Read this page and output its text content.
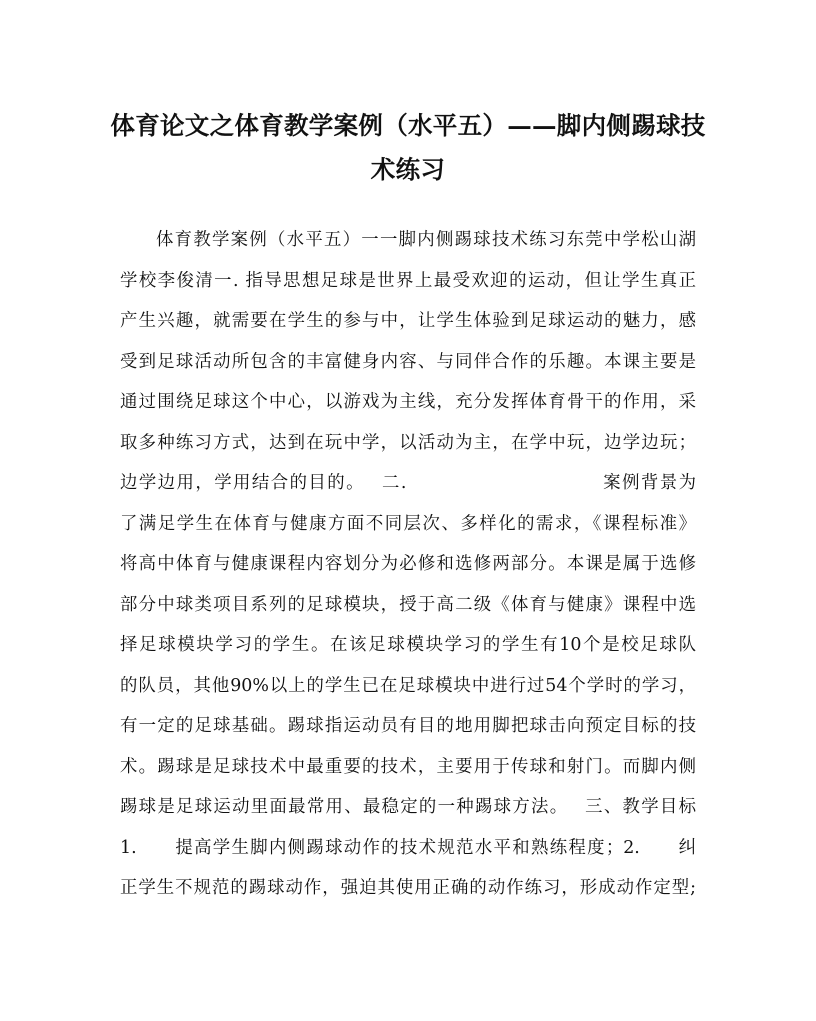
体育论文之体育教学案例（水平五）——脚内侧踢球技
术练习
体育教学案例（水平五）一一脚内侧踢球技术练习东莞中学松山湖
学校李俊清一. 指导思想足球是世界上最受欢迎的运动，但让学生真正
产生兴趣，就需要在学生的参与中，让学生体验到足球运动的魅力，感
受到足球活动所包含的丰富健身内容、与同伴合作的乐趣。本课主要是
通过围绕足球这个中心，以游戏为主线，充分发挥体育骨干的作用，采
取多种练习方式，达到在玩中学，以活动为主，在学中玩，边学边玩；
边学边用，学用结合的目的。　 二.　　　　　　　　　　 案例背景为
了满足学生在体育与健康方面不同层次、多样化的需求，《课程标准》
将高中体育与健康课程内容划分为必修和选修两部分。本课是属于选修
部分中球类项目系列的足球模块，授于高二级《体育与健康》课程中选
择足球模块学习的学生。在该足球模块学习的学生有10个是校足球队
的队员，其他90%以上的学生已在足球模块中进行过54个学时的学习，
有一定的足球基础。踢球指运动员有目的地用脚把球击向预定目标的技
术。踢球是足球技术中最重要的技术，主要用于传球和射门。而脚内侧
踢球是足球运动里面最常用、最稳定的一种踢球方法。　 三、教学目标
1.　　提高学生脚内侧踢球动作的技术规范水平和熟练程度；2.　　纠
正学生不规范的踢球动作，强迫其使用正确的动作练习，形成动作定型;
